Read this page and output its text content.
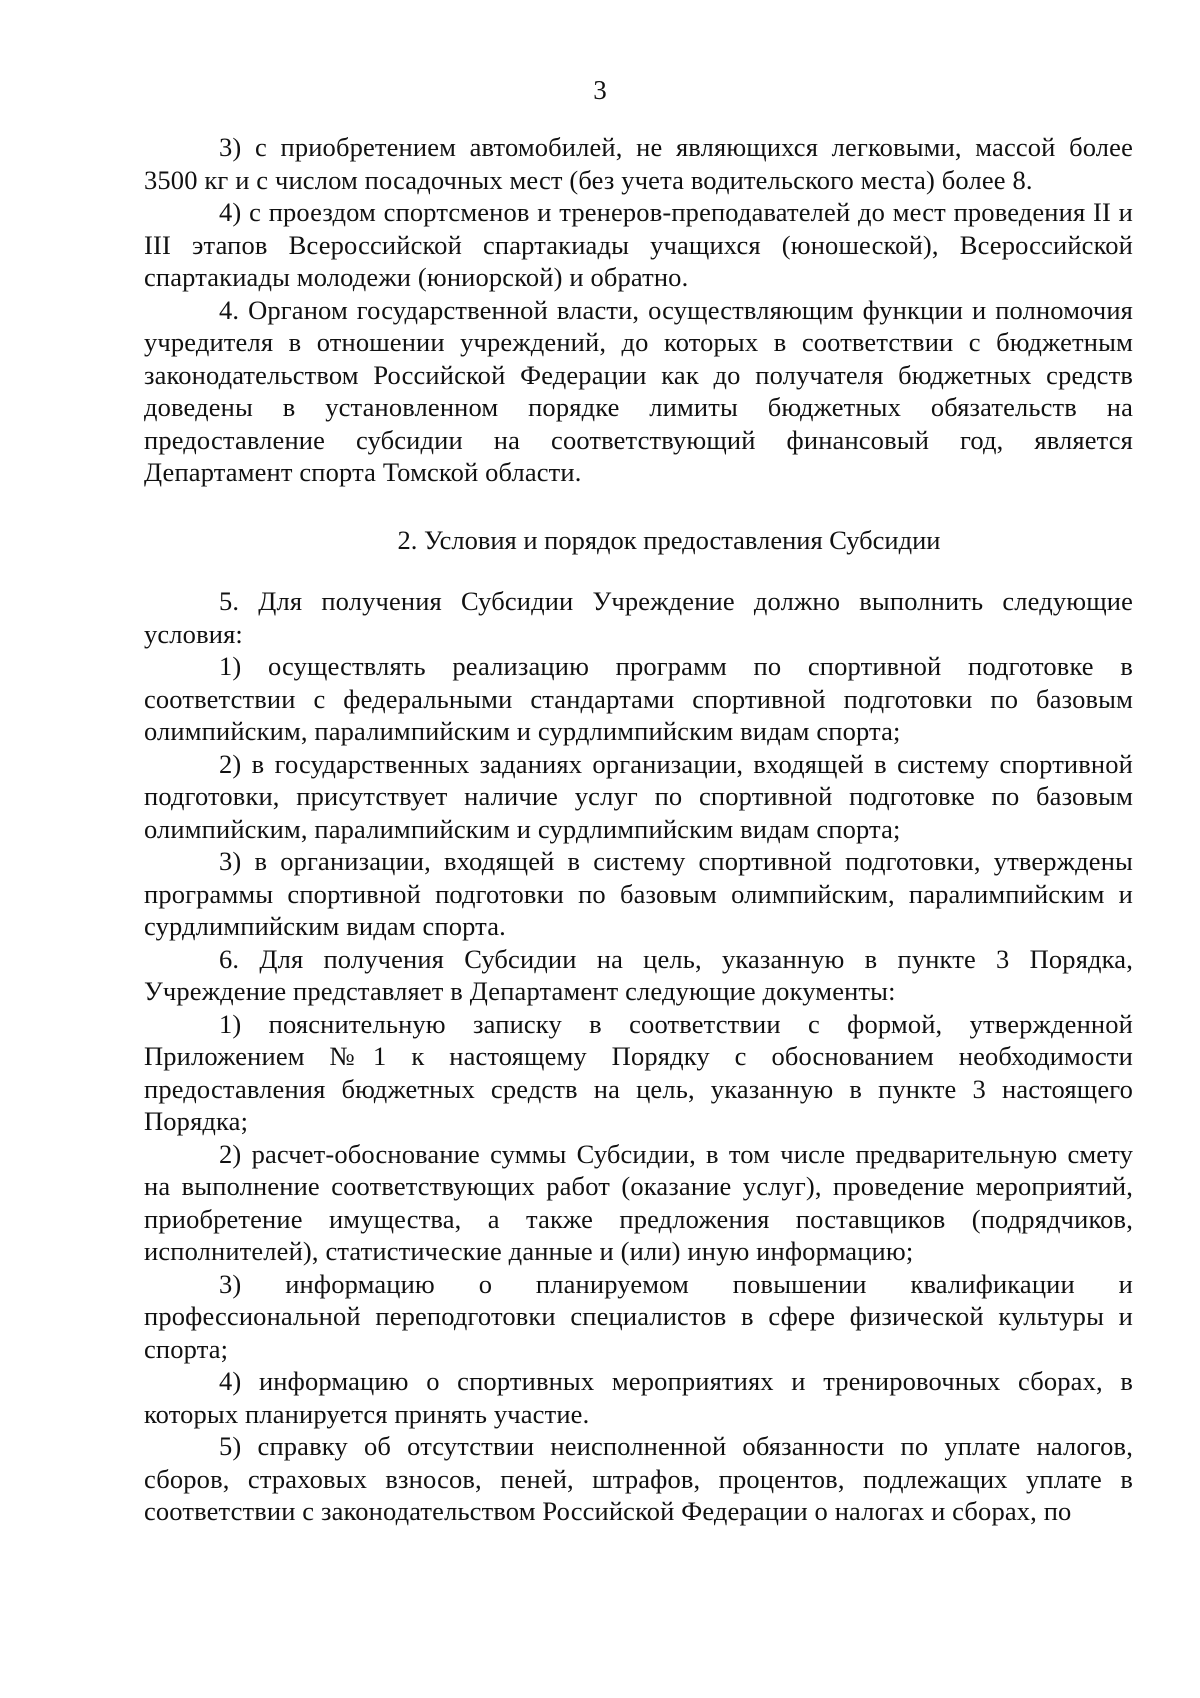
3

3) с приобретением автомобилей, не являющихся легковыми, массой более 3500 кг и с числом посадочных мест (без учета водительского места) более 8.

4) с проездом спортсменов и тренеров-преподавателей до мест проведения II и III этапов Всероссийской спартакиады учащихся (юношеской), Всероссийской спартакиады молодежи (юниорской) и обратно.

4. Органом государственной власти, осуществляющим функции и полномочия учредителя в отношении учреждений, до которых в соответствии с бюджетным законодательством Российской Федерации как до получателя бюджетных средств доведены в установленном порядке лимиты бюджетных обязательств на предоставление субсидии на соответствующий финансовый год, является Департамент спорта Томской области.

2. Условия и порядок предоставления Субсидии

5. Для получения Субсидии Учреждение должно выполнить следующие условия:

1) осуществлять реализацию программ по спортивной подготовке в соответствии с федеральными стандартами спортивной подготовки по базовым олимпийским, паралимпийским и сурдлимпийским видам спорта;

2) в государственных заданиях организации, входящей в систему спортивной подготовки, присутствует наличие услуг по спортивной подготовке по базовым олимпийским, паралимпийским и сурдлимпийским видам спорта;

3) в организации, входящей в систему спортивной подготовки, утверждены программы спортивной подготовки по базовым олимпийским, паралимпийским и сурдлимпийским видам спорта.

6. Для получения Субсидии на цель, указанную в пункте 3 Порядка, Учреждение представляет в Департамент следующие документы:

1) пояснительную записку в соответствии с формой, утвержденной Приложением №1 к настоящему Порядку с обоснованием необходимости предоставления бюджетных средств на цель, указанную в пункте 3 настоящего Порядка;

2) расчет-обоснование суммы Субсидии, в том числе предварительную смету на выполнение соответствующих работ (оказание услуг), проведение мероприятий, приобретение имущества, а также предложения поставщиков (подрядчиков, исполнителей), статистические данные и (или) иную информацию;

3) информацию о планируемом повышении квалификации и профессиональной переподготовки специалистов в сфере физической культуры и спорта;

4) информацию о спортивных мероприятиях и тренировочных сборах, в которых планируется принять участие.

5) справку об отсутствии неисполненной обязанности по уплате налогов, сборов, страховых взносов, пеней, штрафов, процентов, подлежащих уплате в соответствии с законодательством Российской Федерации о налогах и сборах, по
